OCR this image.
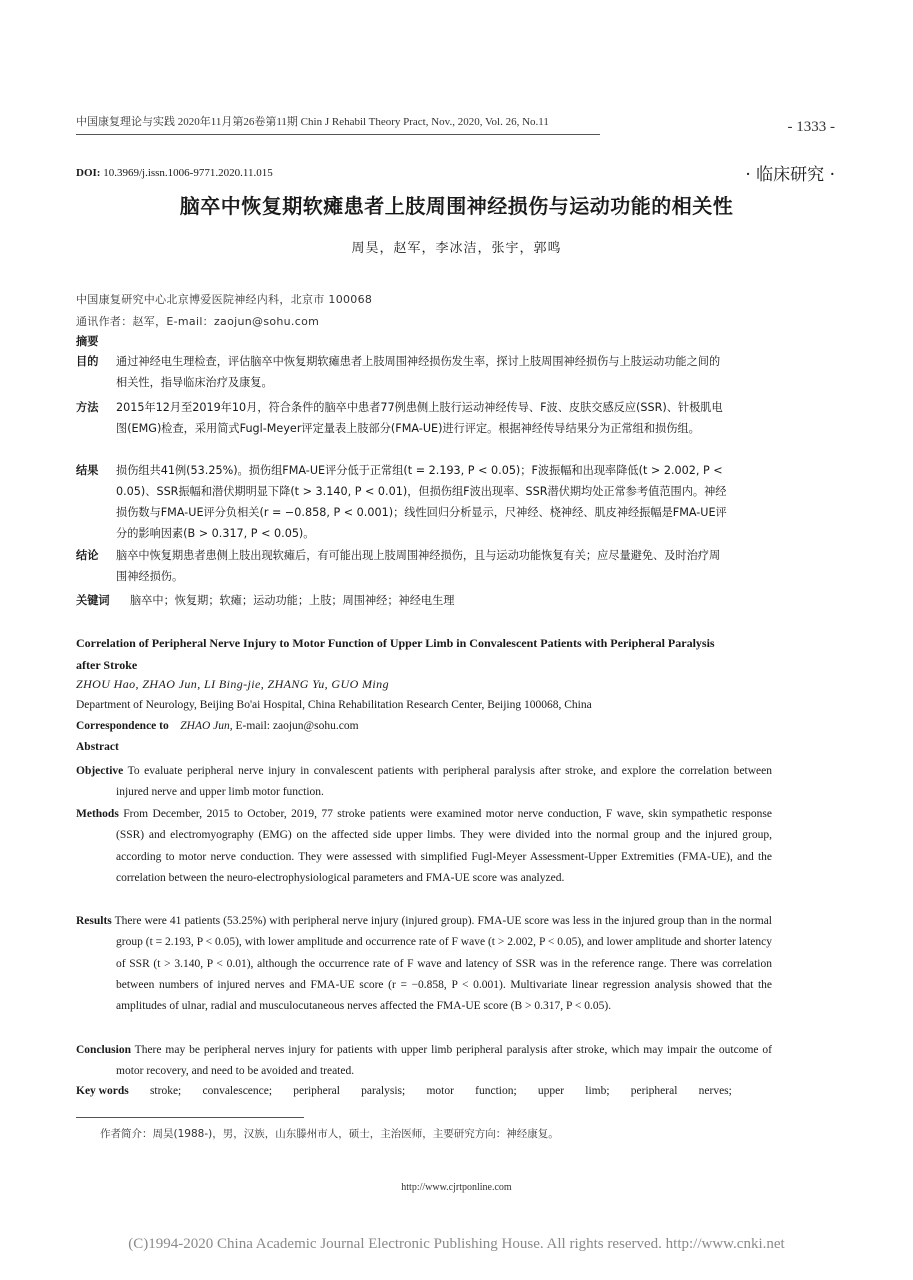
中国康复理论与实践 2020年11月第26卷第11期 Chin J Rehabil Theory Pract, Nov., 2020, Vol. 26, No.11	- 1333 -
DOI: 10.3969/j.issn.1006-9771.2020.11.015	· 临床研究 ·
脑卒中恢复期软瘫患者上肢周围神经损伤与运动功能的相关性
周昊，赵军，李冰洁，张宇，郭鸣
中国康复研究中心北京博爱医院神经内科，北京市 100068
通讯作者：赵军，E-mail：zaojun@sohu.com
摘要
目的 通过神经电生理检查，评估脑卒中恢复期软瘫患者上肢周围神经损伤发生率，探讨上肢周围神经损伤与上肢运动功能之间的相关性，指导临床治疗及康复。
方法 2015年12月至2019年10月，符合条件的脑卒中患者77例患侧上肢行运动神经传导、F波、皮肤交感反应(SSR)、针极肌电图(EMG)检查，采用简式Fugl-Meyer评定量表上肢部分(FMA-UE)进行评定。根据神经传导结果分为正常组和损伤组。
结果 损伤组共41例(53.25%)。损伤组FMA-UE评分低于正常组(t = 2.193, P < 0.05)；F波振幅和出现率降低(t > 2.002, P < 0.05)、SSR振幅和潜伏期明显下降(t > 3.140, P < 0.01)，但损伤组F波出现率、SSR潜伏期均处正常参考值范围内。神经损伤数与FMA-UE评分负相关(r = −0.858, P < 0.001)；线性回归分析显示，尺神经、桡神经、肌皮神经振幅是FMA-UE评分的影响因素(B > 0.317, P < 0.05)。
结论 脑卒中恢复期患者患侧上肢出现软瘫后，有可能出现上肢周围神经损伤，且与运动功能恢复有关；应尽量避免、及时治疗周围神经损伤。
关键词 脑卒中；恢复期；软瘫；运动功能；上肢；周围神经；神经电生理
Correlation of Peripheral Nerve Injury to Motor Function of Upper Limb in Convalescent Patients with Peripheral Paralysis after Stroke
ZHOU Hao, ZHAO Jun, LI Bing-jie, ZHANG Yu, GUO Ming
Department of Neurology, Beijing Bo'ai Hospital, China Rehabilitation Research Center, Beijing 100068, China
Correspondence to ZHAO Jun, E-mail: zaojun@sohu.com
Abstract
Objective To evaluate peripheral nerve injury in convalescent patients with peripheral paralysis after stroke, and explore the correlation between injured nerve and upper limb motor function.
Methods From December, 2015 to October, 2019, 77 stroke patients were examined motor nerve conduction, F wave, skin sympathetic response (SSR) and electromyography (EMG) on the affected side upper limbs. They were divided into the normal group and the injured group, according to motor nerve conduction. They were assessed with simplified Fugl-Meyer Assessment-Upper Extremities (FMA-UE), and the correlation between the neuro-electrophysiological parameters and FMA-UE score was analyzed.
Results There were 41 patients (53.25%) with peripheral nerve injury (injured group). FMA-UE score was less in the injured group than in the normal group (t = 2.193, P < 0.05), with lower amplitude and occurrence rate of F wave (t > 2.002, P < 0.05), and lower amplitude and shorter latency of SSR (t > 3.140, P < 0.01), although the occurrence rate of F wave and latency of SSR was in the reference range. There was correlation between numbers of injured nerves and FMA-UE score (r = −0.858, P < 0.001). Multivariate linear regression analysis showed that the amplitudes of ulnar, radial and musculocutaneous nerves affected the FMA-UE score (B > 0.317, P < 0.05).
Conclusion There may be peripheral nerves injury for patients with upper limb peripheral paralysis after stroke, which may impair the outcome of motor recovery, and need to be avoided and treated.
Key words stroke; convalescence; peripheral paralysis; motor function; upper limb; peripheral nerves;
作者简介：周昊(1988-)，男，汉族，山东滕州市人，硕士，主治医师，主要研究方向：神经康复。
http://www.cjrtponline.com
(C)1994-2020 China Academic Journal Electronic Publishing House. All rights reserved. http://www.cnki.net
